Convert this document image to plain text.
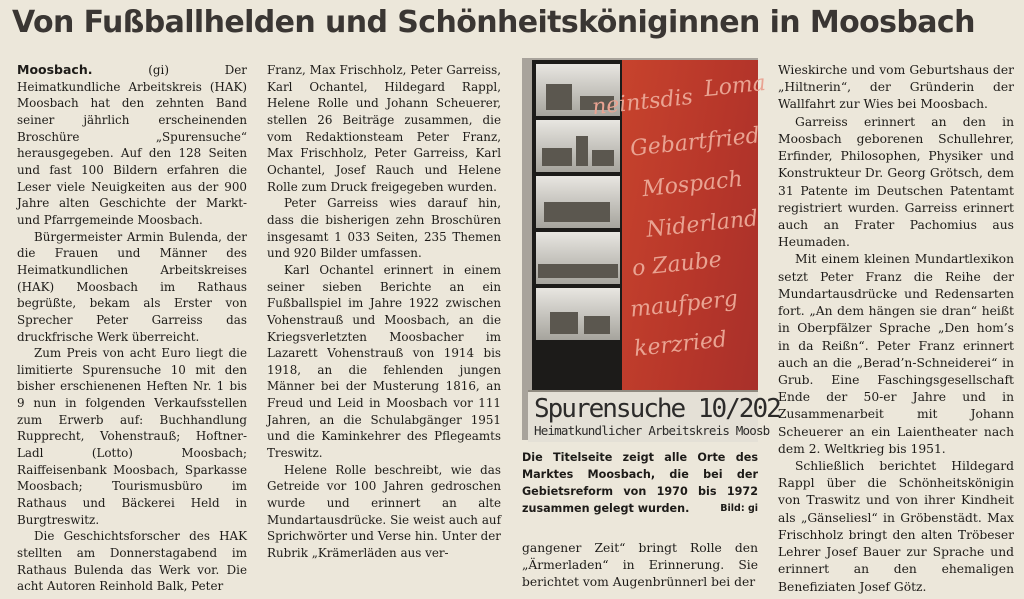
Von Fußballhelden und Schönheitsköniginnen in Moosbach

Moosbach. (gi) Der Heimatkundliche Arbeitskreis (HAK) Moosbach hat den zehnten Band seiner jährlich erscheinenden Broschüre „Spurensuche“ herausgegeben. Auf den 128 Seiten und fast 100 Bildern erfahren die Leser viele Neuigkeiten aus der 900 Jahre alten Geschichte der Markt- und Pfarrgemeinde Moosbach.

Bürgermeister Armin Bulenda, der die Frauen und Männer des Heimatkundlichen Arbeitskreises (HAK) Moosbach im Rathaus begrüßte, bekam als Erster von Sprecher Peter Garreiss das druckfrische Werk überreicht.

Zum Preis von acht Euro liegt die limitierte Spurensuche 10 mit den bisher erschienenen Heften Nr. 1 bis 9 nun in folgenden Verkaufsstellen zum Erwerb auf: Buchhandlung Rupprecht, Vohenstrauß; Hoftner-Ladl (Lotto) Moosbach; Raiffeisenbank Moosbach, Sparkasse Moosbach; Tourismusbüro im Rathaus und Bäckerei Held in Burgtreswitz.

Die Geschichtsforscher des HAK stellten am Donnerstagabend im Rathaus Bulenda das Werk vor. Die acht Autoren Reinhold Balk, Peter

Franz, Max Frischholz, Peter Garreiss, Karl Ochantel, Hildegard Rappl, Helene Rolle und Johann Scheuerer, stellen 26 Beiträge zusammen, die vom Redaktionsteam Peter Franz, Max Frischholz, Peter Garreiss, Karl Ochantel, Josef Rauch und Helene Rolle zum Druck freigegeben wurden.

Peter Garreiss wies darauf hin, dass die bisherigen zehn Broschüren insgesamt 1 033 Seiten, 235 Themen und 920 Bilder umfassen.

Karl Ochantel erinnert in einem seiner sieben Berichte an ein Fußballspiel im Jahre 1922 zwischen Vohenstrauß und Moosbach, an die Kriegsverletzten Moosbacher im Lazarett Vohenstrauß von 1914 bis 1918, an die fehlenden jungen Männer bei der Musterung 1816, an Freud und Leid in Moosbach vor 111 Jahren, an die Schulabgänger 1951 und die Kaminkehrer des Pflegeamts Treswitz.

Helene Rolle beschreibt, wie das Getreide vor 100 Jahren gedroschen wurde und erinnert an alte Mundartausdrücke. Sie weist auch auf Sprichwörter und Verse hin. Unter der Rubrik „Krämerläden aus ver-

Loma
neintsdis
Gebartfried
Mospach
Niderland
o Zaube
maufperg
kerzried
Spurensuche 10/202
Heimatkundlicher Arbeitskreis Moosb
Die Titelseite zeigt alle Orte des Marktes Moosbach, die bei der Gebietsreform von 1970 bis 1972 zusammen gelegt wurden.	Bild: gi

gangener Zeit“ bringt Rolle den „Ärmerladen“ in Erinnerung. Sie berichtet vom Augenbrünnerl bei der

Wieskirche und vom Geburtshaus der „Hiltnerin“, der Gründerin der Wallfahrt zur Wies bei Moosbach.

Garreiss erinnert an den in Moosbach geborenen Schullehrer, Erfinder, Philosophen, Physiker und Konstrukteur Dr. Georg Grötsch, dem 31 Patente im Deutschen Patentamt registriert wurden. Garreiss erinnert auch an Frater Pachomius aus Heumaden.

Mit einem kleinen Mundartlexikon setzt Peter Franz die Reihe der Mundartausdrücke und Redensarten fort. „An dem hängen sie dran“ heißt in Oberpfälzer Sprache „Den hom’s in da Reißn“. Peter Franz erinnert auch an die „Berad’n-Schneiderei“ in Grub. Eine Faschingsgesellschaft Ende der 50-er Jahre und in Zusammenarbeit mit Johann Scheuerer an ein Laientheater nach dem 2. Weltkrieg bis 1951.

Schließlich berichtet Hildegard Rappl über die Schönheitskönigin von Traswitz und von ihrer Kindheit als „Gänseliesl“ in Gröbenstädt. Max Frischholz bringt den alten Tröbeser Lehrer Josef Bauer zur Sprache und erinnert an den ehemaligen Benefiziaten Josef Götz.
